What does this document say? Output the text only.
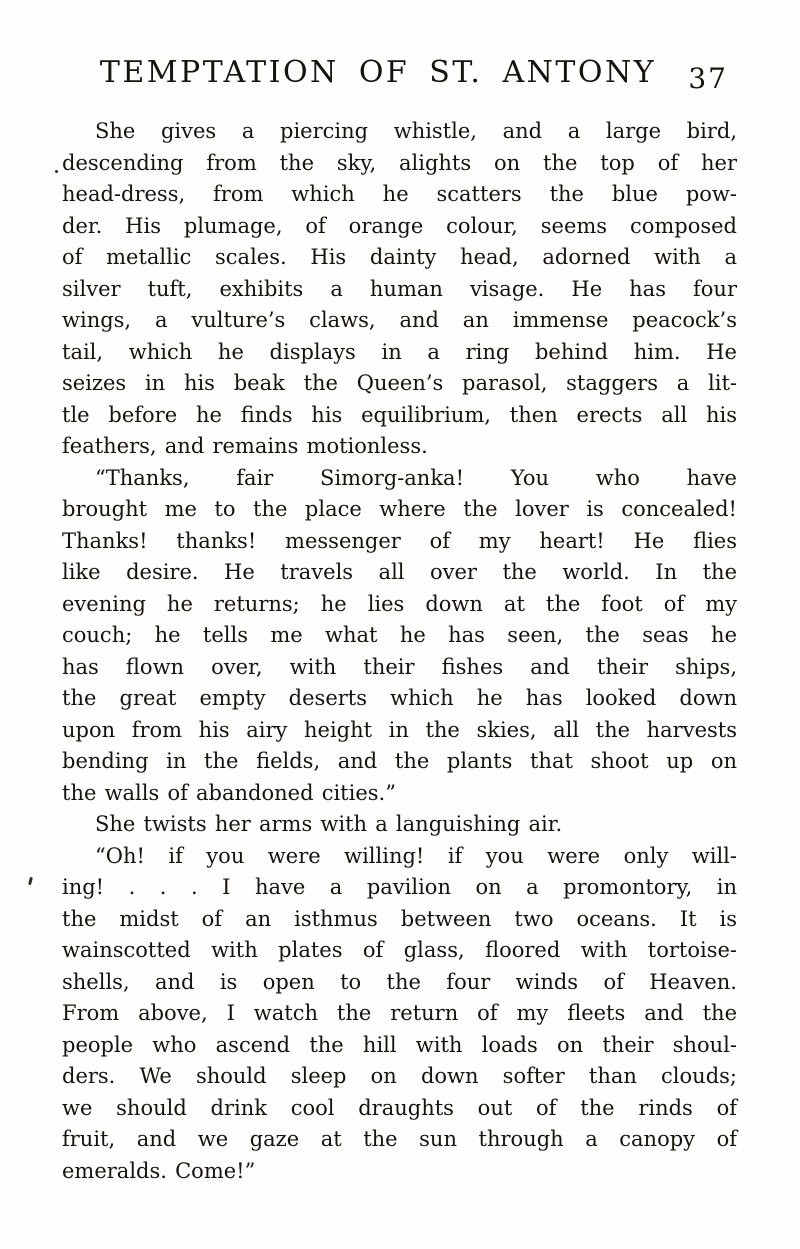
TEMPTATION OF ST. ANTONY	37
She gives a piercing whistle, and a large bird,
descending from the sky, alights on the top of her
head-dress, from which he scatters the blue pow-
der. His plumage, of orange colour, seems composed
of metallic scales. His dainty head, adorned with a
silver tuft, exhibits a human visage. He has four
wings, a vulture’s claws, and an immense peacock’s
tail, which he displays in a ring behind him. He
seizes in his beak the Queen’s parasol, staggers a lit-
tle before he finds his equilibrium, then erects all his
feathers, and remains motionless.
“Thanks, fair Simorg-anka! You who have
brought me to the place where the lover is concealed!
Thanks! thanks! messenger of my heart! He flies
like desire. He travels all over the world. In the
evening he returns; he lies down at the foot of my
couch; he tells me what he has seen, the seas he
has flown over, with their fishes and their ships,
the great empty deserts which he has looked down
upon from his airy height in the skies, all the harvests
bending in the fields, and the plants that shoot up on
the walls of abandoned cities.”
She twists her arms with a languishing air.
“Oh! if you were willing! if you were only will-
ing! . . . I have a pavilion on a promontory, in
the midst of an isthmus between two oceans. It is
wainscotted with plates of glass, floored with tortoise-
shells, and is open to the four winds of Heaven.
From above, I watch the return of my fleets and the
people who ascend the hill with loads on their shoul-
ders. We should sleep on down softer than clouds;
we should drink cool draughts out of the rinds of
fruit, and we gaze at the sun through a canopy of
emeralds. Come!”
